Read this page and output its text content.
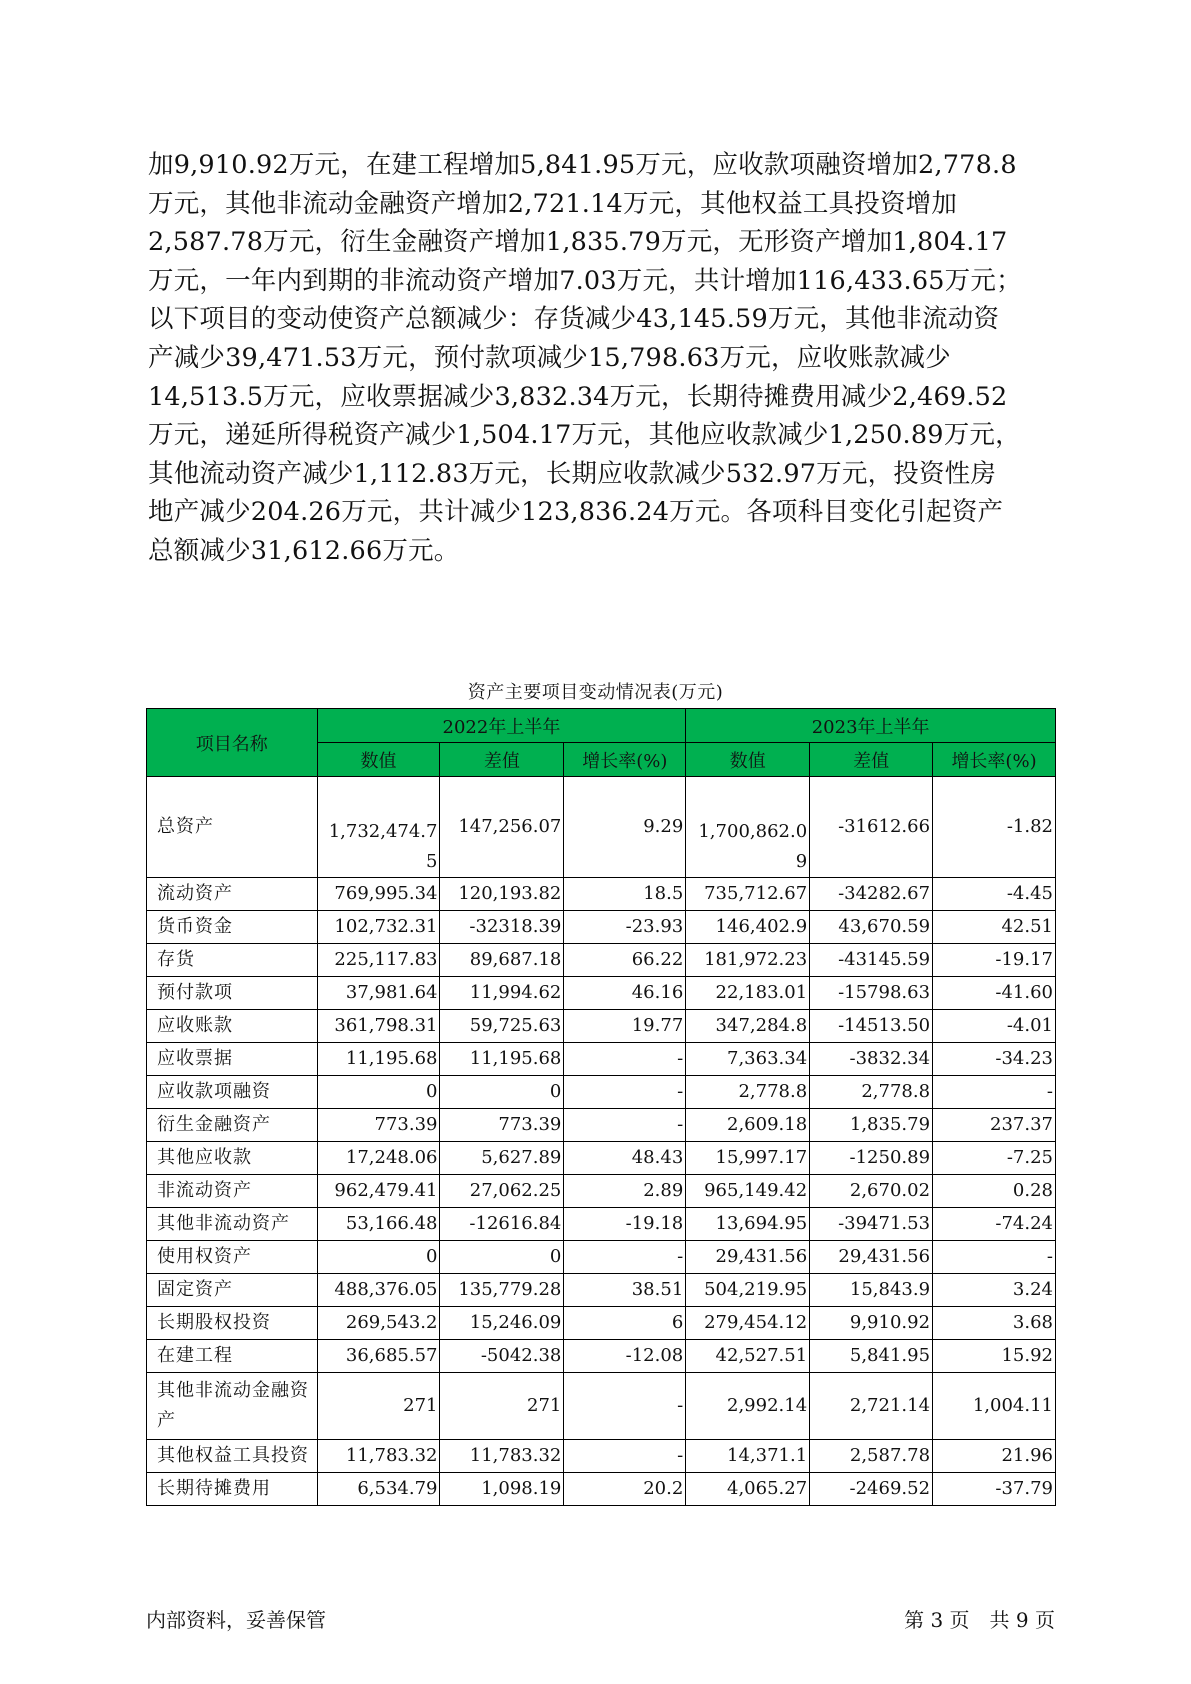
加9,910.92万元，在建工程增加5,841.95万元，应收款项融资增加2,778.8
万元，其他非流动金融资产增加2,721.14万元，其他权益工具投资增加
2,587.78万元，衍生金融资产增加1,835.79万元，无形资产增加1,804.17
万元，一年内到期的非流动资产增加7.03万元，共计增加116,433.65万元；
以下项目的变动使资产总额减少：存货减少43,145.59万元，其他非流动资
产减少39,471.53万元，预付款项减少15,798.63万元，应收账款减少
14,513.5万元，应收票据减少3,832.34万元，长期待摊费用减少2,469.52
万元，递延所得税资产减少1,504.17万元，其他应收款减少1,250.89万元，
其他流动资产减少1,112.83万元，长期应收款减少532.97万元，投资性房
地产减少204.26万元，共计减少123,836.24万元。各项科目变化引起资产
总额减少31,612.66万元。
资产主要项目变动情况表(万元)
项目名称	2022年上半年			2023年上半年		
	数值	差值	增长率(%)	数值	差值	增长率(%)
总资产	1,732,474.75	147,256.07	9.29	1,700,862.09	-31612.66	-1.82
流动资产	769,995.34	120,193.82	18.5	735,712.67	-34282.67	-4.45
货币资金	102,732.31	-32318.39	-23.93	146,402.9	43,670.59	42.51
存货	225,117.83	89,687.18	66.22	181,972.23	-43145.59	-19.17
预付款项	37,981.64	11,994.62	46.16	22,183.01	-15798.63	-41.60
应收账款	361,798.31	59,725.63	19.77	347,284.8	-14513.50	-4.01
应收票据	11,195.68	11,195.68	-	7,363.34	-3832.34	-34.23
应收款项融资	0	0	-	2,778.8	2,778.8	-
衍生金融资产	773.39	773.39	-	2,609.18	1,835.79	237.37
其他应收款	17,248.06	5,627.89	48.43	15,997.17	-1250.89	-7.25
非流动资产	962,479.41	27,062.25	2.89	965,149.42	2,670.02	0.28
其他非流动资产	53,166.48	-12616.84	-19.18	13,694.95	-39471.53	-74.24
使用权资产	0	0	-	29,431.56	29,431.56	-
固定资产	488,376.05	135,779.28	38.51	504,219.95	15,843.9	3.24
长期股权投资	269,543.2	15,246.09	6	279,454.12	9,910.92	3.68
在建工程	36,685.57	-5042.38	-12.08	42,527.51	5,841.95	15.92
其他非流动金融资产	271	271	-	2,992.14	2,721.14	1,004.11
其他权益工具投资	11,783.32	11,783.32	-	14,371.1	2,587.78	21.96
长期待摊费用	6,534.79	1,098.19	20.2	4,065.27	-2469.52	-37.79
内部资料，妥善保管	第 3 页　共 9 页
